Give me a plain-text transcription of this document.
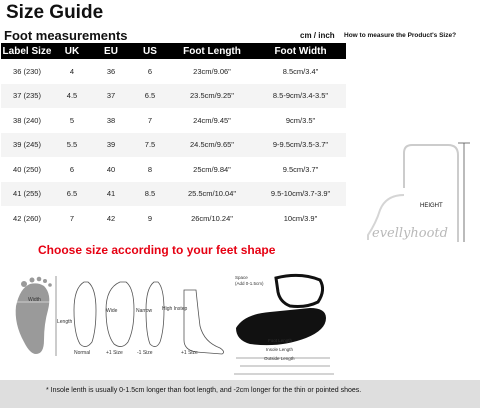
Size Guide
Foot measurements	cm / inch How to measure the Product's Size?
Label Size	UK	EU	US	Foot Length	Foot Width
36 (230)	4	36	6	23cm/9.06"	8.5cm/3.4"
37 (235)	4.5	37	6.5	23.5cm/9.25"	8.5-9cm/3.4-3.5"
38 (240)	5	38	7	24cm/9.45"	9cm/3.5"
39 (245)	5.5	39	7.5	24.5cm/9.65"	9-9.5cm/3.5-3.7"
40 (250)	6	40	8	25cm/9.84"	9.5cm/3.7"
41 (255)	6.5	41	8.5	25.5cm/10.04"	9.5-10cm/3.7-3.9"
42 (260)	7	42	9	26cm/10.24"	10cm/3.9"
HEIGHT
evellyhootd
Width
Length
Wide	Narrow High Instep
Normal	+1 Size	-1 Size	+1 Size
Space
(Add 0-1.5cm)
Foot Length
Insole Length
Outside Length
Choose size according to your feet shape
* Insole lenth is usually 0-1.5cm longer than foot length, and -2cm longer for the thin or pointed shoes.
